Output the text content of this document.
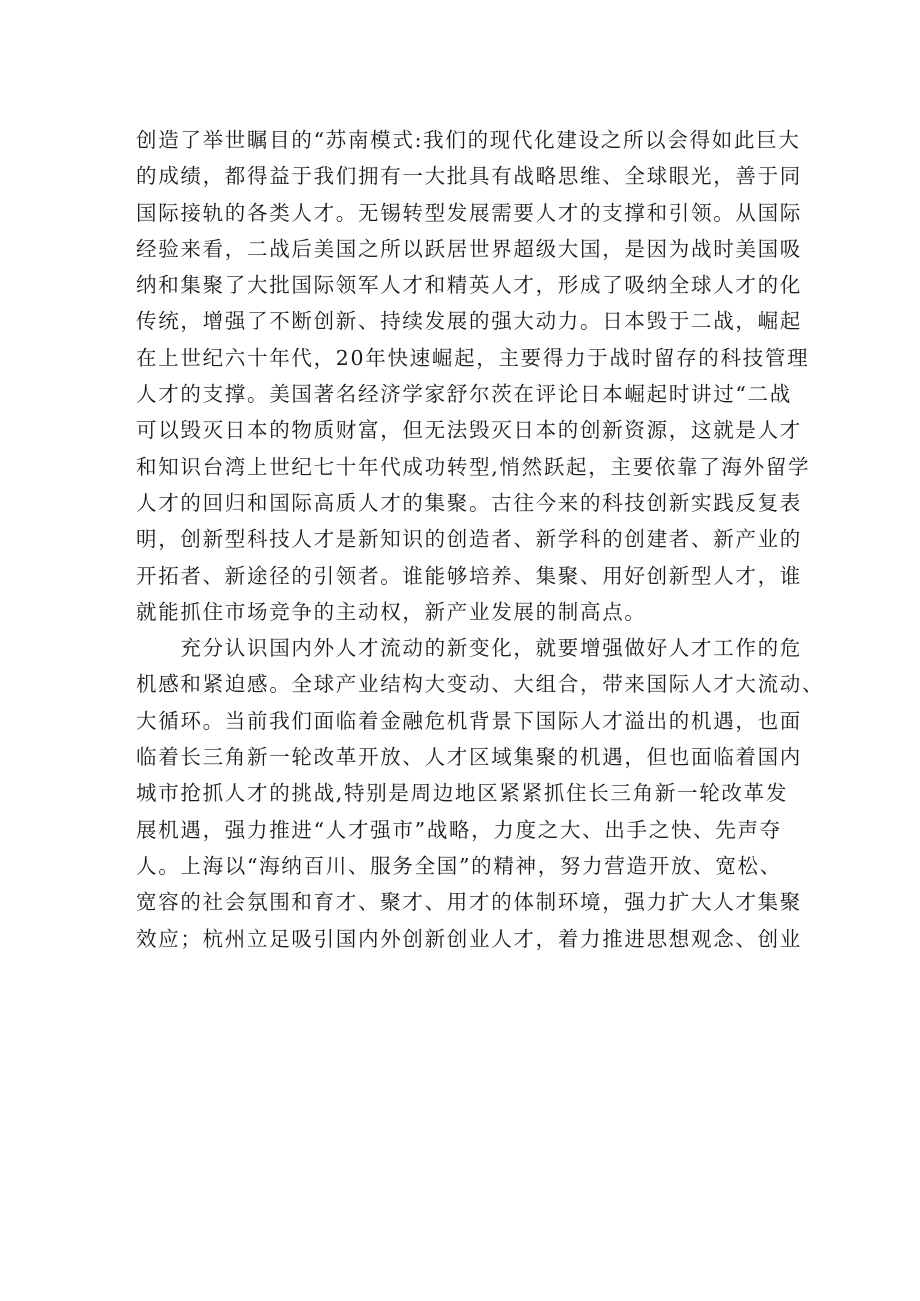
创造了举世瞩目的“苏南模式:我们的现代化建设之所以会得如此巨大
的成绩，都得益于我们拥有一大批具有战略思维、全球眼光，善于同
国际接轨的各类人才。无锡转型发展需要人才的支撑和引领。从国际
经验来看，二战后美国之所以跃居世界超级大国，是因为战时美国吸
纳和集聚了大批国际领军人才和精英人才，形成了吸纳全球人才的化
传统，增强了不断创新、持续发展的强大动力。日本毁于二战，崛起
在上世纪六十年代，20年快速崛起，主要得力于战时留存的科技管理
人才的支撑。美国著名经济学家舒尔茨在评论日本崛起时讲过“二战
可以毁灭日本的物质财富，但无法毁灭日本的创新资源，这就是人才
和知识台湾上世纪七十年代成功转型,悄然跃起，主要依靠了海外留学
人才的回归和国际高质人才的集聚。古往今来的科技创新实践反复表
明，创新型科技人才是新知识的创造者、新学科的创建者、新产业的
开拓者、新途径的引领者。谁能够培养、集聚、用好创新型人才，谁
就能抓住市场竞争的主动权，新产业发展的制高点。
　　充分认识国内外人才流动的新变化，就要增强做好人才工作的危
机感和紧迫感。全球产业结构大变动、大组合，带来国际人才大流动、
大循环。当前我们面临着金融危机背景下国际人才溢出的机遇，也面
临着长三角新一轮改革开放、人才区域集聚的机遇，但也面临着国内
城市抢抓人才的挑战,特别是周边地区紧紧抓住长三角新一轮改革发
展机遇，强力推进“人才强市”战略，力度之大、出手之快、先声夺
人。上海以“海纳百川、服务全国”的精神，努力营造开放、宽松、
宽容的社会氛围和育才、聚才、用才的体制环境，强力扩大人才集聚
效应；杭州立足吸引国内外创新创业人才，着力推进思想观念、创业
